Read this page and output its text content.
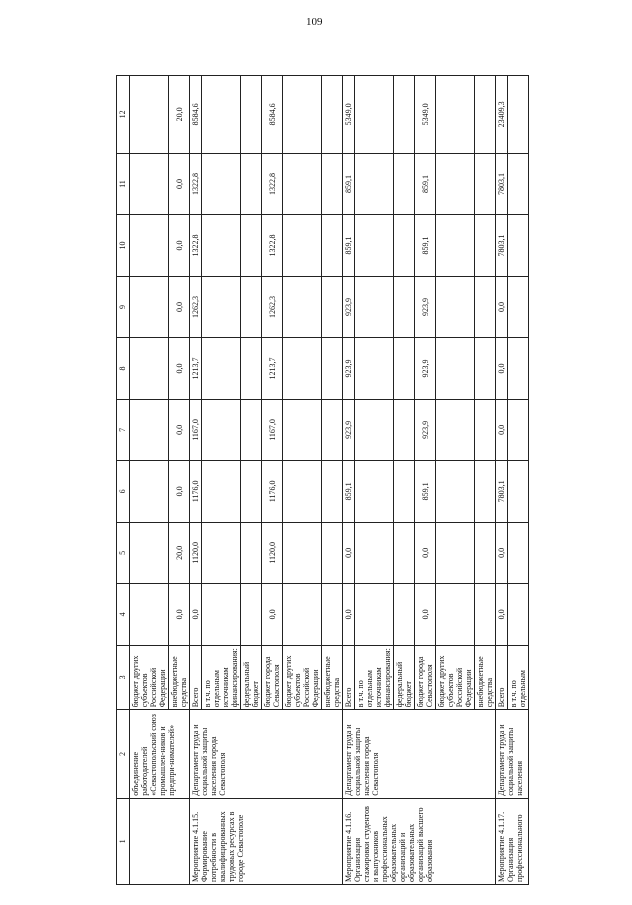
109
1	2	3	4	5	6	7	8	9	10	11	12
	объединение работодателей «Севастопольский союз промышлен-ников и предпри-нимателей»	бюджет других субъектов Российской Федерации									
		внебюджетные средства	0,0	20,0	0,0	0,0	0,0	0,0	0,0	0,0	20,0
Мероприятие 4.1.15. Формирование потребности в квалифицированных трудовых ресурсах в городе Севастополе	Департамент труда и социальной защиты населения города Севастополя	Всего	0,0	1120,0	1176,0	1167,0	1213,7	1262,3	1322,8	1322,8	8584,6
		в т.ч. по отдельным источникам финансирования:									
		федеральный бюджет									
		бюджет города Севастополя	0,0	1120,0	1176,0	1167,0	1213,7	1262,3	1322,8	1322,8	8584,6
		бюджет других субъектов Российской Федерации									
		внебюджетные средства									
Мероприятие 4.1.16. Организация стажировки студентов и выпускников профессиональных образовательных организаций и образовательных организаций высшего образования	Департамент труда и социальной защиты населения города Севастополя	Всего	0,0	0,0	859,1	923,9	923,9	923,9	859,1	859,1	5349,0
		в т.ч. по отдельным источникам финансирования:									
		федеральный бюджет									
		бюджет города Севастополя	0,0	0,0	859,1	923,9	923,9	923,9	859,1	859,1	5349,0
		бюджет других субъектов Российской Федерации									
		внебюджетные средства									
Мероприятие 4.1.17. Организация профессионального	Департамент труда и социальной защиты населения	Всего	0,0	0,0	7803,1	0,0	0,0	0,0	7803,1	7803,1	23409,3
		в т.ч. по отдельным									
